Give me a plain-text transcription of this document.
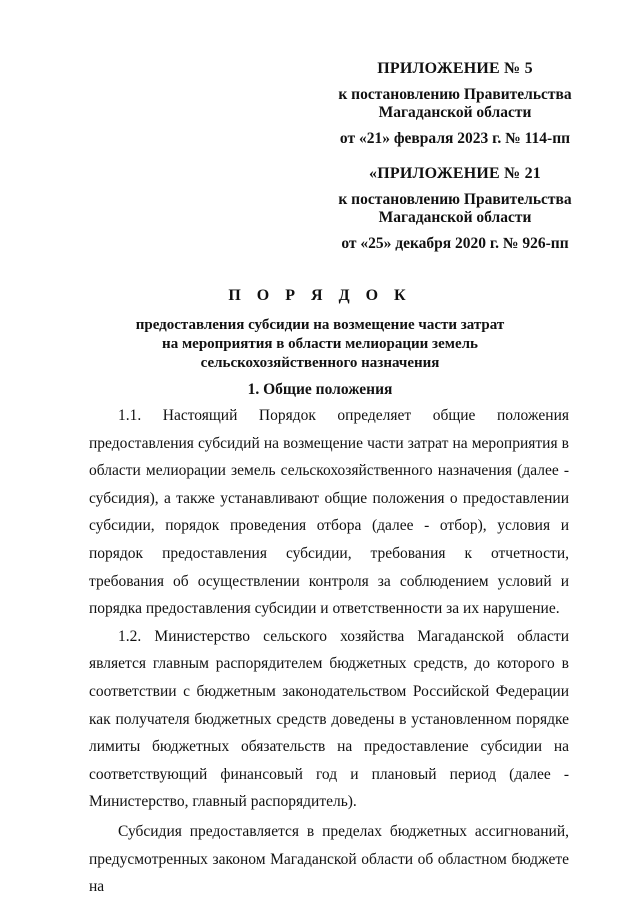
ПРИЛОЖЕНИЕ № 5
к постановлению Правительства
Магаданской области
от «21» февраля 2023 г. № 114-пп
«ПРИЛОЖЕНИЕ № 21
к постановлению Правительства
Магаданской области
от «25» декабря 2020 г. № 926-пп
П О Р Я Д О К
предоставления субсидии на возмещение части затрат
на мероприятия в области мелиорации земель
сельскохозяйственного назначения
1. Общие положения

1.1. Настоящий Порядок определяет общие положения предоставления субсидий на возмещение части затрат на мероприятия в области мелиорации земель сельскохозяйственного назначения (далее - субсидия), а также устанавливают общие положения о предоставлении субсидии, порядок проведения отбора (далее - отбор), условия и порядок предоставления субсидии, требования к отчетности, требования об осуществлении контроля за соблюдением условий и порядка предоставления субсидии и ответственности за их нарушение.

1.2. Министерство сельского хозяйства Магаданской области является главным распорядителем бюджетных средств, до которого в соответствии с бюджетным законодательством Российской Федерации как получателя бюджетных средств доведены в установленном порядке лимиты бюджетных обязательств на предоставление субсидии на соответствующий финансовый год и плановый период (далее - Министерство, главный распорядитель).

Субсидия предоставляется в пределах бюджетных ассигнований, предусмотренных законом Магаданской области об областном бюджете на
